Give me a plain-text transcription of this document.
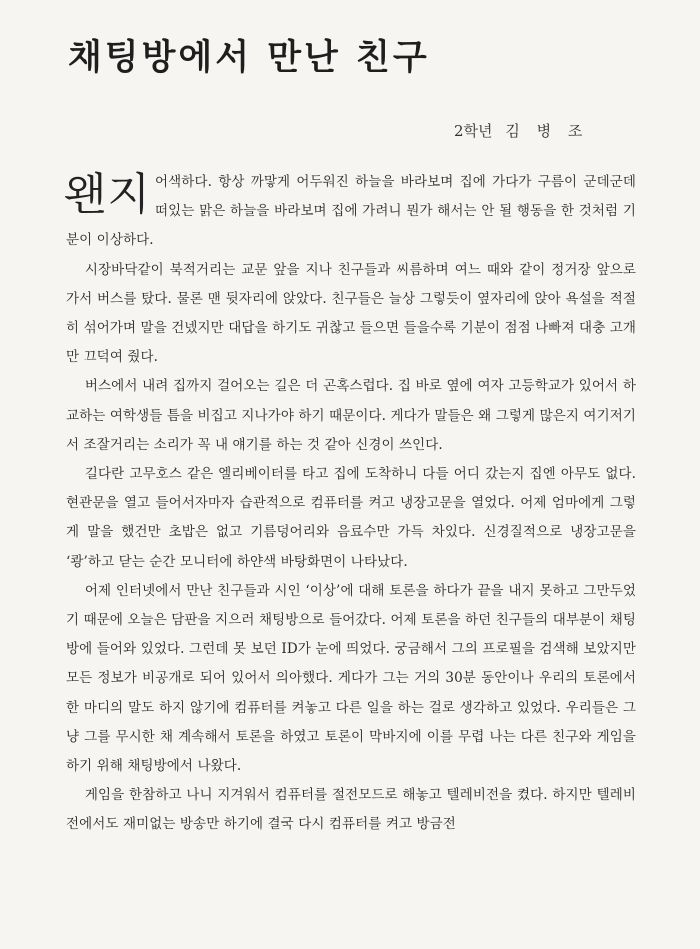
채팅방에서 만난 친구
2학년 김 병 조

왠지 어색하다. 항상 까맣게 어두워진 하늘을 바라보며 집에 가다가 구름이 군데군데 떠있는 맑은 하늘을 바라보며 집에 가려니 뭔가 해서는 안 될 행동을 한 것처럼 기분이 이상하다.

시장바닥같이 북적거리는 교문 앞을 지나 친구들과 씨름하며 여느 때와 같이 정거장 앞으로 가서 버스를 탔다. 물론 맨 뒷자리에 앉았다. 친구들은 늘상 그렇듯이 옆자리에 앉아 욕설을 적절히 섞어가며 말을 건넸지만 대답을 하기도 귀찮고 들으면 들을수록 기분이 점점 나빠져 대충 고개만 끄덕여 줬다.

버스에서 내려 집까지 걸어오는 길은 더 곤혹스럽다. 집 바로 옆에 여자 고등학교가 있어서 하교하는 여학생들 틈을 비집고 지나가야 하기 때문이다. 게다가 말들은 왜 그렇게 많은지 여기저기서 조잘거리는 소리가 꼭 내 얘기를 하는 것 같아 신경이 쓰인다.

길다란 고무호스 같은 엘리베이터를 타고 집에 도착하니 다들 어디 갔는지 집엔 아무도 없다. 현관문을 열고 들어서자마자 습관적으로 컴퓨터를 켜고 냉장고문을 열었다. 어제 엄마에게 그렇게 말을 했건만 초밥은 없고 기름덩어리와 음료수만 가득 차있다. 신경질적으로 냉장고문을 ‘쾅’하고 닫는 순간 모니터에 하얀색 바탕화면이 나타났다.

어제 인터넷에서 만난 친구들과 시인 ‘이상’에 대해 토론을 하다가 끝을 내지 못하고 그만두었기 때문에 오늘은 담판을 지으러 채팅방으로 들어갔다. 어제 토론을 하던 친구들의 대부분이 채팅방에 들어와 있었다. 그런데 못 보던 ID가 눈에 띄었다. 궁금해서 그의 프로필을 검색해 보았지만 모든 정보가 비공개로 되어 있어서 의아했다. 게다가 그는 거의 30분 동안이나 우리의 토론에서 한 마디의 말도 하지 않기에 컴퓨터를 켜놓고 다른 일을 하는 걸로 생각하고 있었다. 우리들은 그냥 그를 무시한 채 계속해서 토론을 하였고 토론이 막바지에 이를 무렵 나는 다른 친구와 게임을 하기 위해 채팅방에서 나왔다.

게임을 한참하고 나니 지겨워서 컴퓨터를 절전모드로 해놓고 텔레비전을 켰다. 하지만 텔레비전에서도 재미없는 방송만 하기에 결국 다시 컴퓨터를 켜고 방금전
